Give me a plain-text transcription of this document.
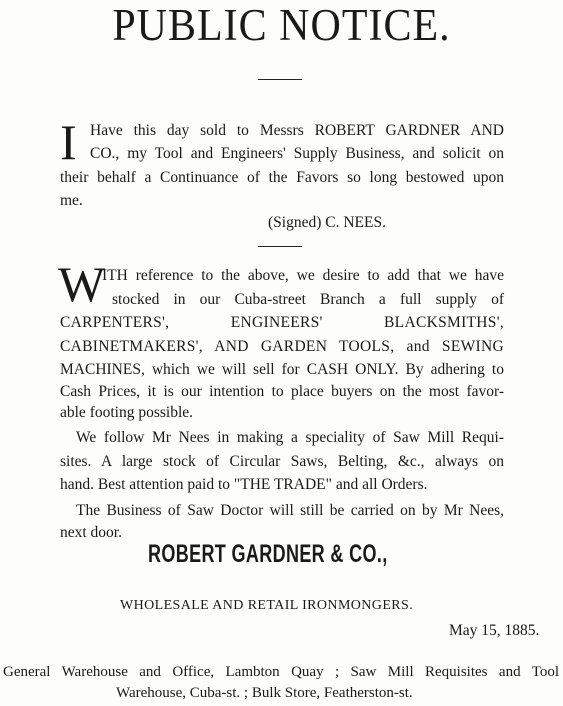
PUBLIC NOTICE.
I Have this day sold to Messrs ROBERT GARDNER AND
CO., my Tool and Engineers' Supply Business, and solicit on
their behalf a Continuance of the Favors so long bestowed upon
me.
(Signed) C. NEES.
W
ITH reference to the above, we desire to add that we have
stocked in our Cuba-street Branch a full supply of
CARPENTERS', ENGINEERS' BLACKSMITHS',
CABINETMAKERS', AND GARDEN TOOLS, and SEWING
MACHINES, which we will sell for CASH ONLY. By adhering to
Cash Prices, it is our intention to place buyers on the most favor-
able footing possible.
We follow Mr Nees in making a speciality of Saw Mill Requi-
sites. A large stock of Circular Saws, Belting, &c., always on
hand. Best attention paid to "THE TRADE" and all Orders.
The Business of Saw Doctor will still be carried on by Mr Nees,
next door.
ROBERT GARDNER & CO.,
WHOLESALE AND RETAIL IRONMONGERS.
May 15, 1885.
General Warehouse and Office, Lambton Quay ; Saw Mill Requisites and Tool
Warehouse, Cuba-st. ; Bulk Store, Featherston-st.
